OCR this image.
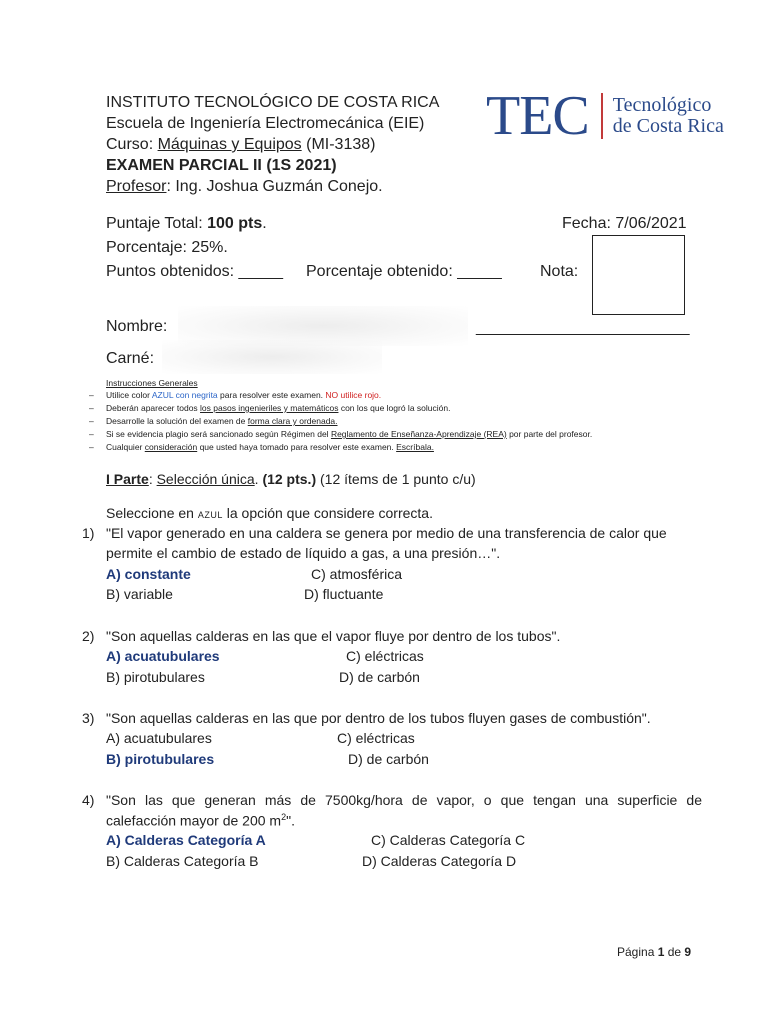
INSTITUTO TECNOLÓGICO DE COSTA RICA
Escuela de Ingeniería Electromecánica (EIE)
Curso: Máquinas y Equipos (MI-3138)
EXAMEN PARCIAL II (1S 2021)
Profesor: Ing. Joshua Guzmán Conejo.
TEC Tecnológico
de Costa Rica
Puntaje Total: 100 pts.	Fecha: 7/06/2021
Porcentaje: 25%.
Puntos obtenidos: _____ Porcentaje obtenido: _____ Nota:
Nombre:	________________________
Carné:
Instrucciones Generales
– Utilice color AZUL con negrita para resolver este examen. NO utilice rojo.
– Deberán aparecer todos los pasos ingenieriles y matemáticos con los que logró la solución.
– Desarrolle la solución del examen de forma clara y ordenada.
– Si se evidencia plagio será sancionado según Régimen del Reglamento de Enseñanza-Aprendizaje (REA) por parte del profesor.
– Cualquier consideración que usted haya tomado para resolver este examen. Escríbala.
I Parte: Selección única. (12 pts.) (12 ítems de 1 punto c/u)
Seleccione en AZUL la opción que considere correcta.
1) "El vapor generado en una caldera se genera por medio de una transferencia de calor que
permite el cambio de estado de líquido a gas, a una presión…".
A) constante	C) atmosférica
B) variable	D) fluctuante
2) "Son aquellas calderas en las que el vapor fluye por dentro de los tubos".
A) acuatubulares	C) eléctricas
B) pirotubulares	D) de carbón
3) "Son aquellas calderas en las que por dentro de los tubos fluyen gases de combustión".
A) acuatubulares	C) eléctricas
B) pirotubulares	D) de carbón
4) "Son las que generan más de 7500kg/hora de vapor, o que tengan una superficie de
calefacción mayor de 200 $m^2$".
A) Calderas Categoría A	C) Calderas Categoría C
B) Calderas Categoría B	D) Calderas Categoría D
Página 1 de 9
